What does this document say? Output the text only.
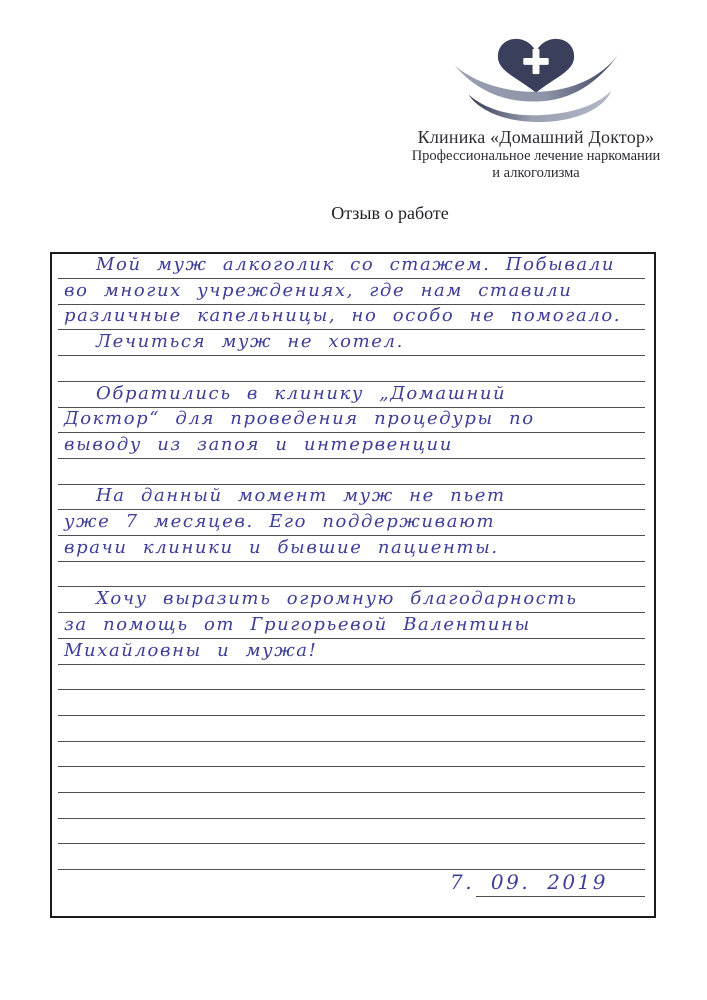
Клиника «Домашний Доктор»
Профессиональное лечение наркомании
и алкоголизма
Отзыв о работе
7. 09. 2019
Мой муж алкоголик со стажем. Побывали
во многих учреждениях, где нам ставили
различные капельницы, но особо не помогало.
Лечиться муж не хотел.
Обратились в клинику „Домашний
Доктор“ для проведения процедуры по
выводу из запоя и интервенции
На данный момент муж не пьет
уже 7 месяцев. Его поддерживают
врачи клиники и бывшие пациенты.
Хочу выразить огромную благодарность
за помощь от Григорьевой Валентины
Михайловны и мужа!
